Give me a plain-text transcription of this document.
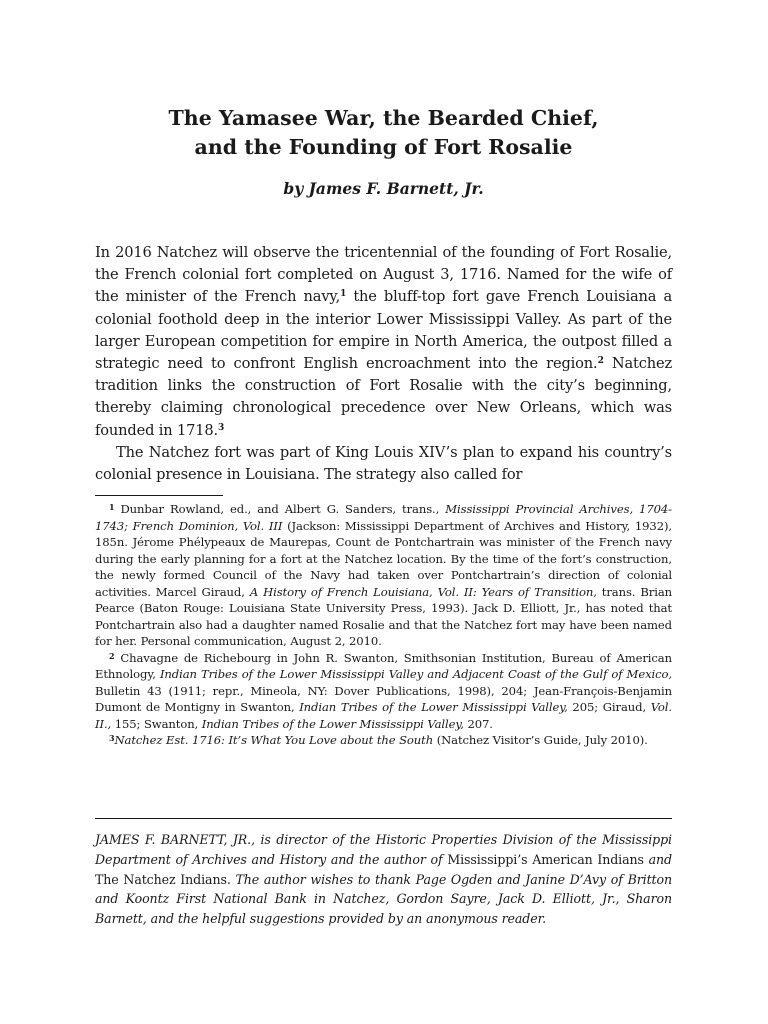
The Yamasee War, the Bearded Chief,
and the Founding of Fort Rosalie
by James F. Barnett, Jr.

In 2016 Natchez will observe the tricentennial of the founding of Fort Rosalie, the French colonial fort completed on August 3, 1716. Named for the wife of the minister of the French navy,$^1$ the bluff-top fort gave French Louisiana a colonial foothold deep in the interior Lower Mississippi Valley. As part of the larger European competition for empire in North America, the outpost filled a strategic need to confront English encroachment into the region.$^2$ Natchez tradition links the construction of Fort Rosalie with the city’s beginning, thereby claiming chronological precedence over New Orleans, which was founded in 1718.$^3$

The Natchez fort was part of King Louis XIV’s plan to expand his country’s colonial presence in Louisiana. The strategy also called for

$^1$ Dunbar Rowland, ed., and Albert G. Sanders, trans., Mississippi Provincial Archives, 1704-1743; French Dominion, Vol. III (Jackson: Mississippi Department of Archives and History, 1932), 185n. Jérome Phélypeaux de Maurepas, Count de Pontchartrain was minister of the French navy during the early planning for a fort at the Natchez location. By the time of the fort’s construction, the newly formed Council of the Navy had taken over Pontchartrain’s direction of colonial activities. Marcel Giraud, A History of French Louisiana, Vol. II: Years of Transition, trans. Brian Pearce (Baton Rouge: Louisiana State University Press, 1993). Jack D. Elliott, Jr., has noted that Pontchartrain also had a daughter named Rosalie and that the Natchez fort may have been named for her. Personal communication, August 2, 2010.

$^2$ Chavagne de Richebourg in John R. Swanton, Smithsonian Institution, Bureau of American Ethnology, Indian Tribes of the Lower Mississippi Valley and Adjacent Coast of the Gulf of Mexico, Bulletin 43 (1911; repr., Mineola, NY: Dover Publications, 1998), 204; Jean-François-Benjamin Dumont de Montigny in Swanton, Indian Tribes of the Lower Mississippi Valley, 205; Giraud, Vol. II., 155; Swanton, Indian Tribes of the Lower Mississippi Valley, 207.

$^3$Natchez Est. 1716: It’s What You Love about the South (Natchez Visitor’s Guide, July 2010).

JAMES F. BARNETT, JR., is director of the Historic Properties Division of the Mississippi Department of Archives and History and the author of Mississippi’s American Indians and The Natchez Indians. The author wishes to thank Page Ogden and Janine D’Avy of Britton and Koontz First National Bank in Natchez, Gordon Sayre, Jack D. Elliott, Jr., Sharon Barnett, and the helpful suggestions provided by an anonymous reader.
